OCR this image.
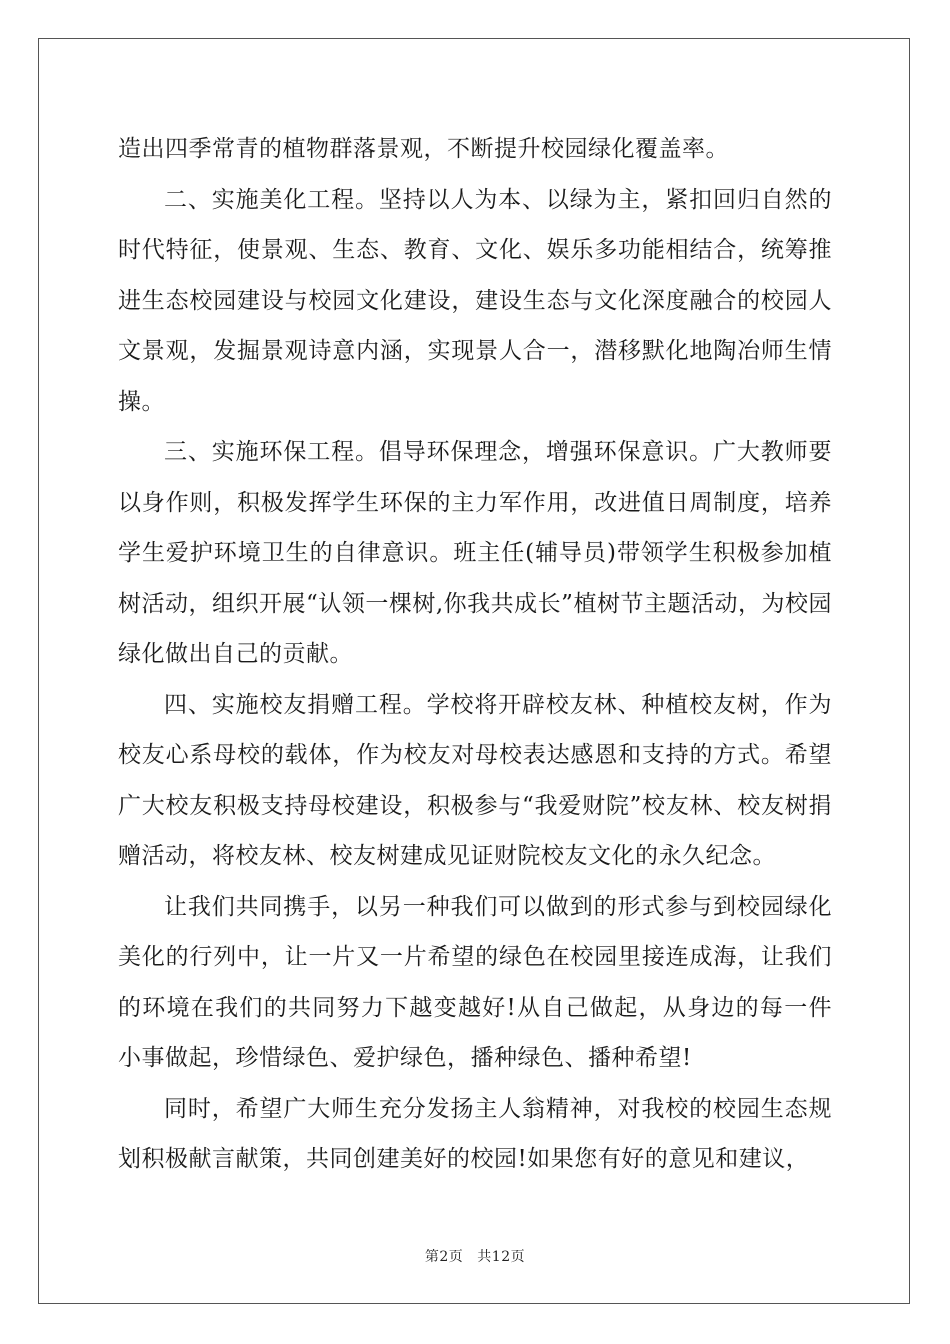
造出四季常青的植物群落景观，不断提升校园绿化覆盖率。

二、实施美化工程。坚持以人为本、以绿为主，紧扣回归自然的时代特征，使景观、生态、教育、文化、娱乐多功能相结合，统筹推进生态校园建设与校园文化建设，建设生态与文化深度融合的校园人文景观，发掘景观诗意内涵，实现景人合一，潜移默化地陶冶师生情操。

三、实施环保工程。倡导环保理念，增强环保意识。广大教师要以身作则，积极发挥学生环保的主力军作用，改进值日周制度，培养学生爱护环境卫生的自律意识。班主任(辅导员)带领学生积极参加植树活动，组织开展“认领一棵树,你我共成长”植树节主题活动，为校园绿化做出自己的贡献。

四、实施校友捐赠工程。学校将开辟校友林、种植校友树，作为校友心系母校的载体，作为校友对母校表达感恩和支持的方式。希望广大校友积极支持母校建设，积极参与“我爱财院”校友林、校友树捐赠活动，将校友林、校友树建成见证财院校友文化的永久纪念。

让我们共同携手，以另一种我们可以做到的形式参与到校园绿化美化的行列中，让一片又一片希望的绿色在校园里接连成海，让我们的环境在我们的共同努力下越变越好!从自己做起，从身边的每一件小事做起，珍惜绿色、爱护绿色，播种绿色、播种希望!

同时，希望广大师生充分发扬主人翁精神，对我校的校园生态规划积极献言献策，共同创建美好的校园!如果您有好的意见和建议，

第2页 共12页
